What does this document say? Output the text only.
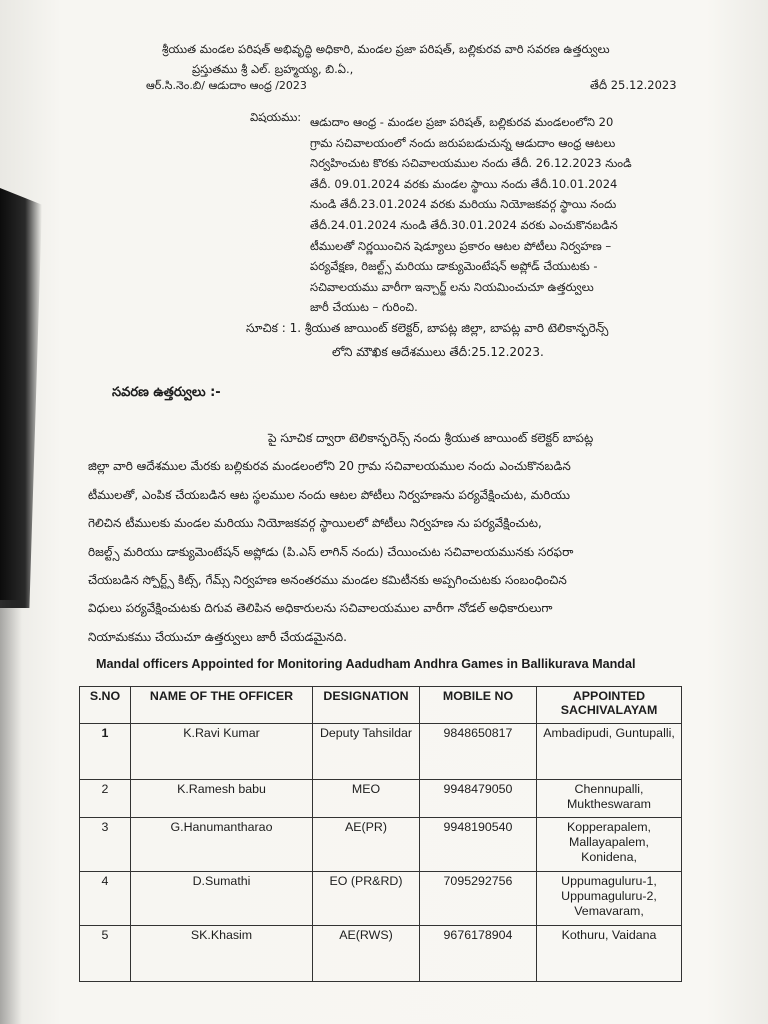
శ్రీయుత మండల పరిషత్ అభివృద్ధి అధికారి, మండల ప్రజా పరిషత్, బల్లికురవ వారి సవరణ ఉత్తర్వులు
ప్రస్తుతము శ్రీ ఎల్. బ్రహ్మయ్య, బి.ఏ.,
ఆర్.సి.నెం.బి/ ఆడుదాం ఆంధ్ర /2023	తేదీ 25.12.2023
విషయము: ఆడుదాం ఆంధ్ర - మండల ప్రజా పరిషత్, బల్లికురవ మండలంలోని 20
గ్రామ సచివాలయంలో నందు జరుపబడుచున్న ఆడుదాం ఆంధ్ర ఆటలు
నిర్వహించుట కొరకు సచివాలయముల నందు తేదీ. 26.12.2023 నుండి
తేదీ. 09.01.2024 వరకు మండల స్థాయి నందు తేదీ.10.01.2024
నుండి తేదీ.23.01.2024 వరకు మరియు నియోజకవర్గ స్థాయి నందు
తేదీ.24.01.2024 నుండి తేదీ.30.01.2024 వరకు ఎంచుకొనబడిన
టీములతో నిర్ణయించిన షెడ్యూలు ప్రకారం ఆటల పోటీలు నిర్వహణ –
పర్యవేక్షణ, రిజల్ట్స్ మరియు డాక్యుమెంటేషన్ అప్లోడ్ చేయుటకు -
సచివాలయము వారీగా ఇన్చార్జ్ లను నియమించుచూ ఉత్తర్వులు
జారీ చేయుట – గురించి.
సూచిక : 1. శ్రీయుత జాయింట్ కలెక్టర్, బాపట్ల జిల్లా, బాపట్ల వారి టెలికాన్ఫరెన్స్
లోని మౌఖిక ఆదేశములు తేదీ:25.12.2023.
సవరణ ఉత్తర్వులు :-
పై సూచిక ద్వారా టెలికాన్ఫరెన్స్ నందు శ్రీయుత జాయింట్ కలెక్టర్ బాపట్ల
జిల్లా వారి ఆదేశముల మేరకు బల్లికురవ మండలంలోని 20 గ్రామ సచివాలయముల నందు ఎంచుకొనబడిన
టీములతో, ఎంపిక చేయబడిన ఆట స్థలముల నందు ఆటల పోటీలు నిర్వహణను పర్యవేక్షించుట, మరియు
గెలిచిన టీములకు మండల మరియు నియోజకవర్గ స్థాయిలలో పోటీలు నిర్వహణ ను పర్యవేక్షించుట,
రిజల్ట్స్ మరియు డాక్యుమెంటేషన్ అప్లోడు (పి.ఎస్ లాగిన్ నందు) చేయించుట సచివాలయమునకు సరఫరా
చేయబడిన స్పోర్ట్స్ కిట్స్, గేమ్స్ నిర్వహణ అనంతరము మండల కమిటీనకు అప్పగించుటకు సంబంధించిన
విధులు పర్యవేక్షించుటకు దిగువ తెలిపిన అధికారులను సచివాలయముల వారీగా నోడల్ అధికారులుగా
నియామకము చేయుచూ ఉత్తర్వులు జారీ చేయడమైనది.
Mandal officers Appointed for Monitoring Aadudham Andhra Games in Ballikurava Mandal
S.NO	NAME OF THE OFFICER	DESIGNATION	MOBILE NO	APPOINTED SACHIVALAYAM
1	K.Ravi Kumar	Deputy Tahsildar	9848650817	Ambadipudi, Guntupalli,
2	K.Ramesh babu	MEO	9948479050	Chennupalli, Muktheswaram
3	G.Hanumantharao	AE(PR)	9948190540	Kopperapalem, Mallayapalem, Konidena,
4	D.Sumathi	EO (PR&RD)	7095292756	Uppumaguluru-1, Uppumaguluru-2, Vemavaram,
5	SK.Khasim	AE(RWS)	9676178904	Kothuru, Vaidana
